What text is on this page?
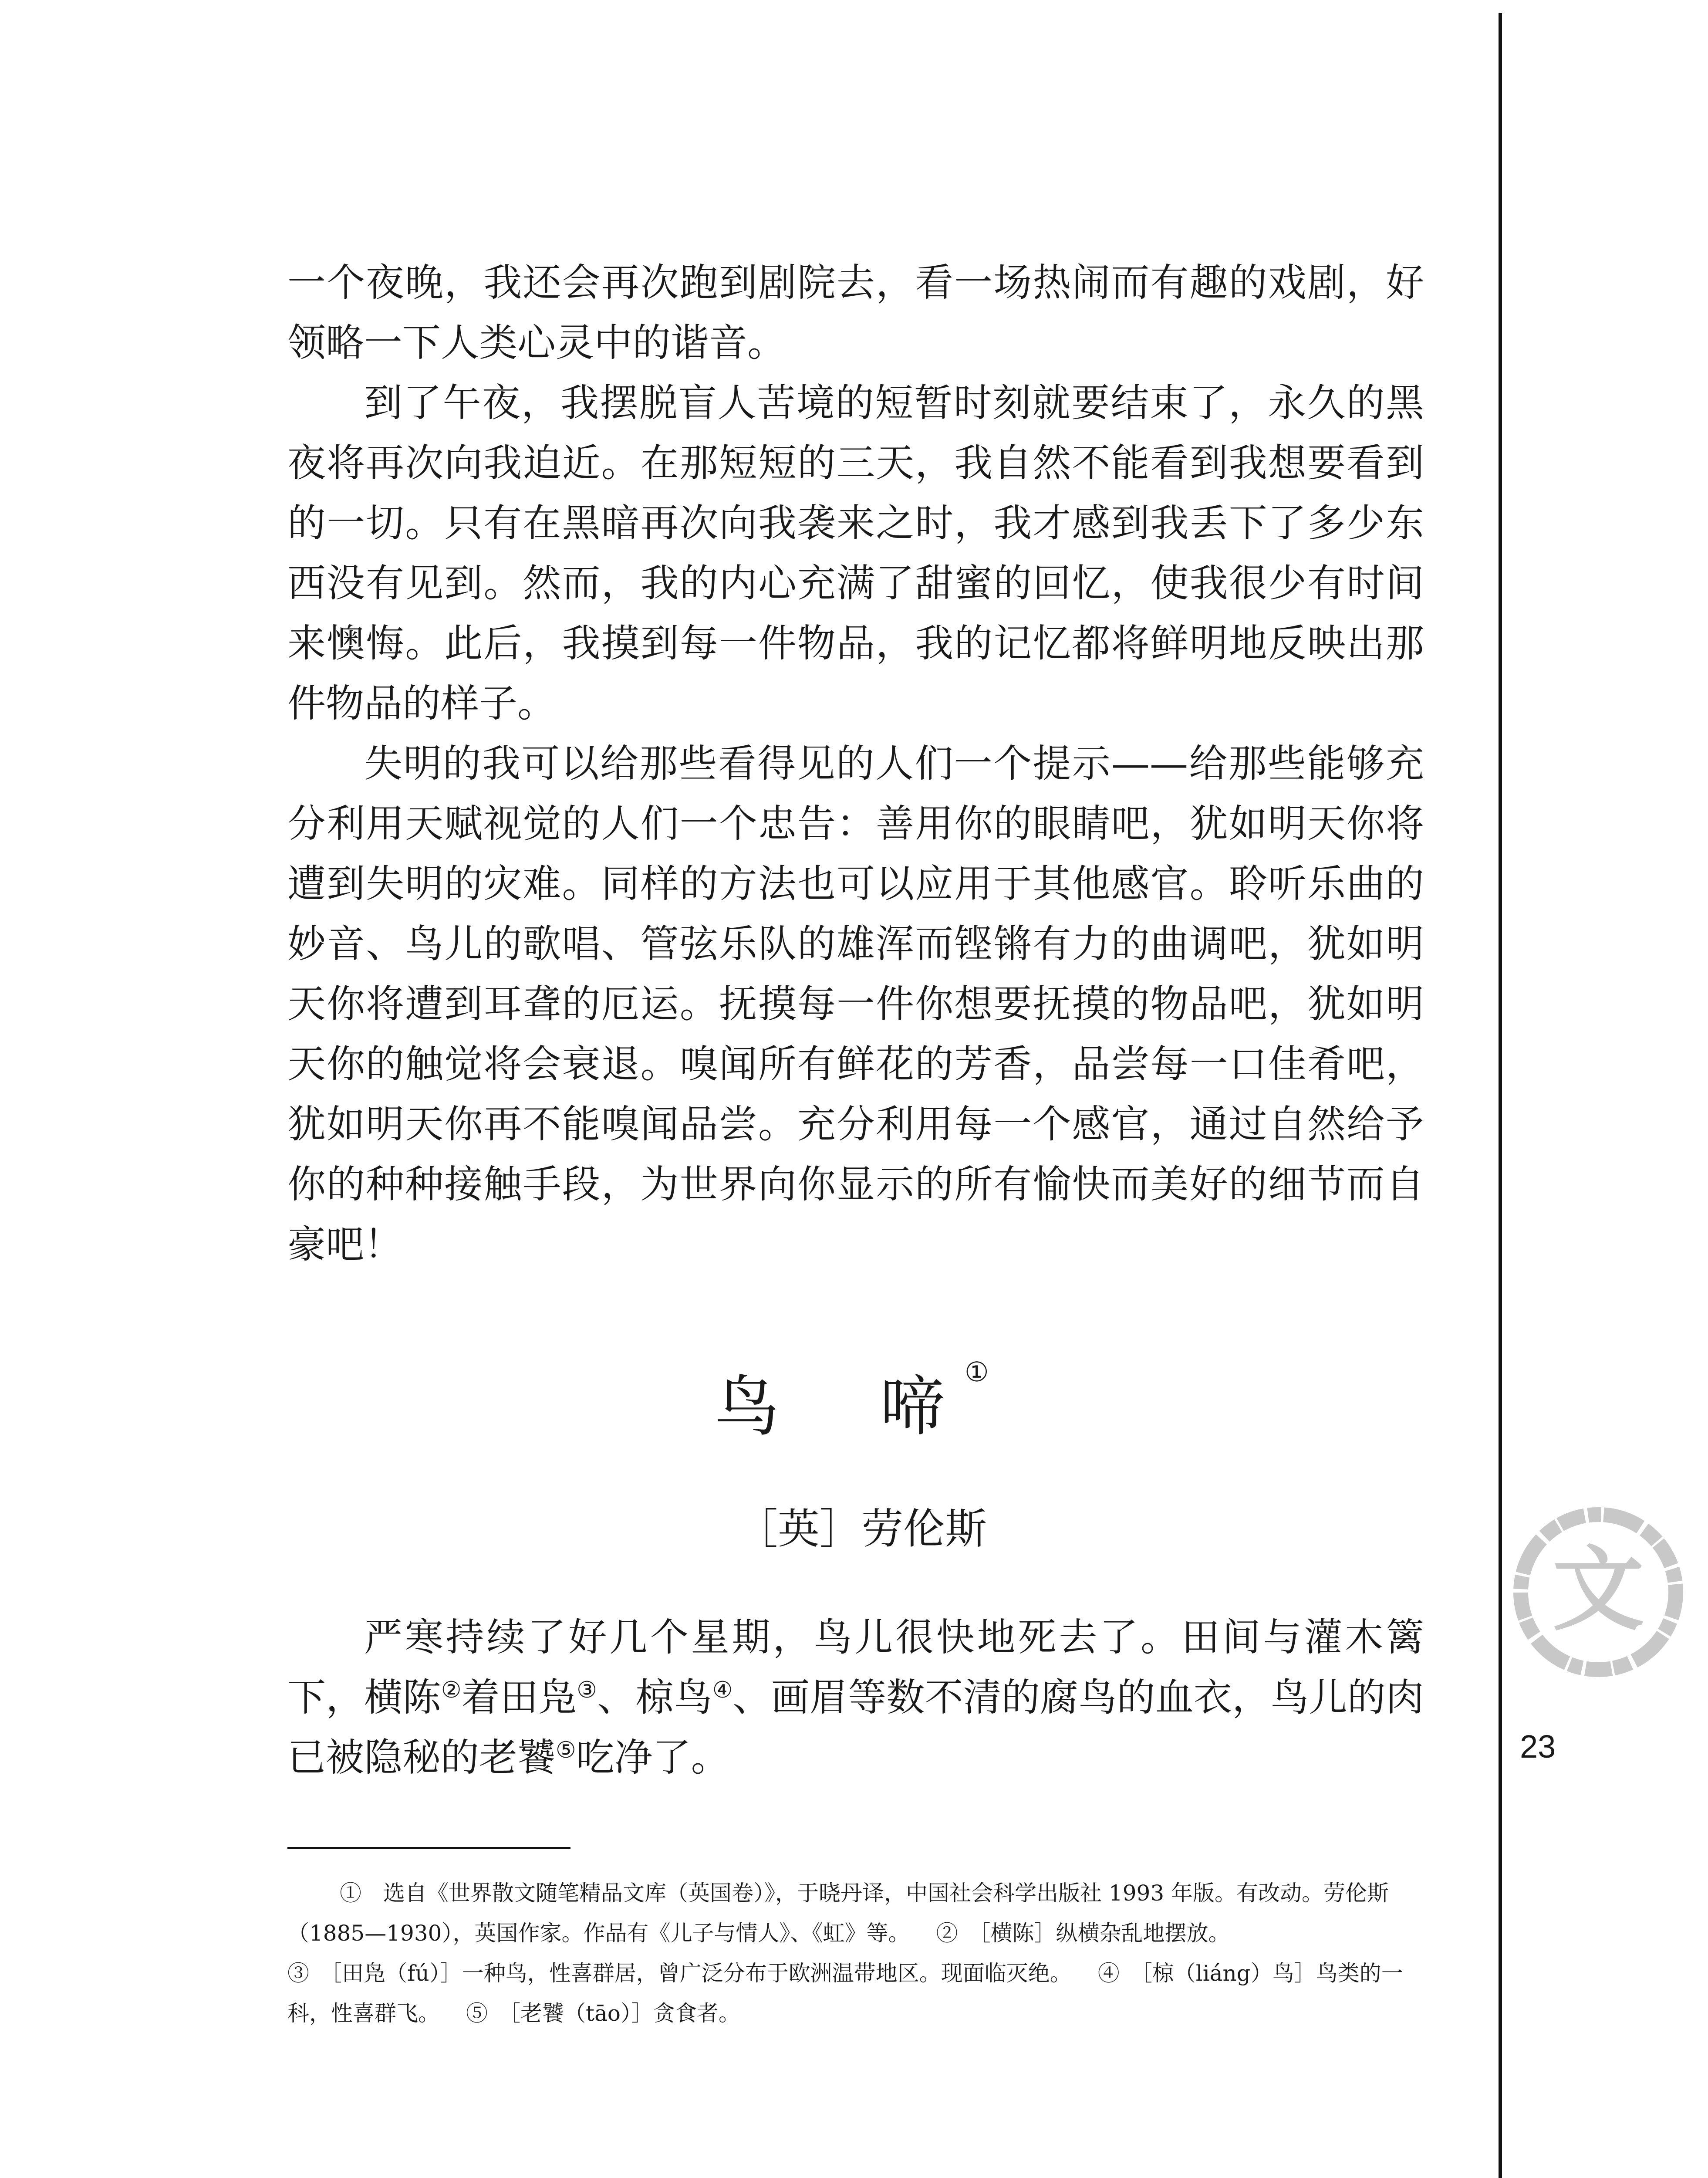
一个夜晚，我还会再次跑到剧院去，看一场热闹而有趣的戏剧，好领略一下人类心灵中的谐音。

到了午夜，我摆脱盲人苦境的短暂时刻就要结束了，永久的黑夜将再次向我迫近。在那短短的三天，我自然不能看到我想要看到的一切。只有在黑暗再次向我袭来之时，我才感到我丢下了多少东西没有见到。然而，我的内心充满了甜蜜的回忆，使我很少有时间来懊悔。此后，我摸到每一件物品，我的记忆都将鲜明地反映出那件物品的样子。

失明的我可以给那些看得见的人们一个提示——给那些能够充分利用天赋视觉的人们一个忠告：善用你的眼睛吧，犹如明天你将遭到失明的灾难。同样的方法也可以应用于其他感官。聆听乐曲的妙音、鸟儿的歌唱、管弦乐队的雄浑而铿锵有力的曲调吧，犹如明天你将遭到耳聋的厄运。抚摸每一件你想要抚摸的物品吧，犹如明天你的触觉将会衰退。嗅闻所有鲜花的芳香，品尝每一口佳肴吧，犹如明天你再不能嗅闻品尝。充分利用每一个感官，通过自然给予你的种种接触手段，为世界向你显示的所有愉快而美好的细节而自豪吧！

鸟 啼 ①
［英］劳伦斯

严寒持续了好几个星期，鸟儿很快地死去了。田间与灌木篱下，横陈②着田凫③、椋鸟④、画眉等数不清的腐鸟的血衣，鸟儿的肉已被隐秘的老饕⑤吃净了。

①　选自《世界散文随笔精品文库（英国卷）》，于晓丹译，中国社会科学出版社 1993 年版。有改动。劳伦斯（1885—1930），英国作家。作品有《儿子与情人》、《虹》等。 ②　［横陈］纵横杂乱地摆放。

③　［田凫（fú）］一种鸟，性喜群居，曾广泛分布于欧洲温带地区。现面临灭绝。 ④　［椋（liáng）鸟］鸟类的一科，性喜群飞。 ⑤　［老饕（tāo）］贪食者。

文
23
